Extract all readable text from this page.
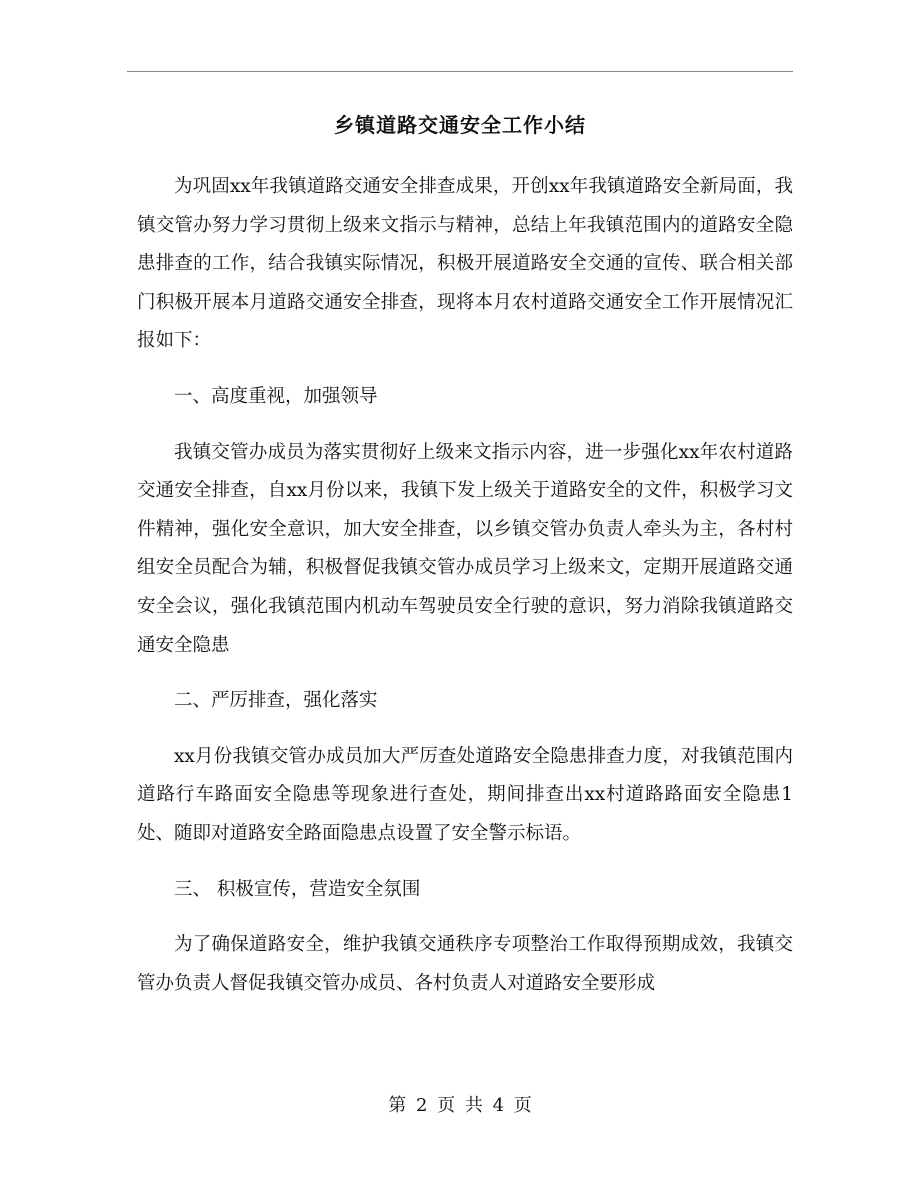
乡镇道路交通安全工作小结

为巩固xx年我镇道路交通安全排查成果，开创xx年我镇道路安全新局面，我镇交管办努力学习贯彻上级来文指示与精神，总结上年我镇范围内的道路安全隐患排查的工作，结合我镇实际情况，积极开展道路安全交通的宣传、联合相关部门积极开展本月道路交通安全排查，现将本月农村道路交通安全工作开展情况汇报如下：

一、高度重视，加强领导

我镇交管办成员为落实贯彻好上级来文指示内容，进一步强化xx年农村道路交通安全排查，自xx月份以来，我镇下发上级关于道路安全的文件，积极学习文件精神，强化安全意识，加大安全排查，以乡镇交管办负责人牵头为主，各村村组安全员配合为辅，积极督促我镇交管办成员学习上级来文，定期开展道路交通安全会议，强化我镇范围内机动车驾驶员安全行驶的意识，努力消除我镇道路交通安全隐患

二、严厉排查，强化落实

xx月份我镇交管办成员加大严厉查处道路安全隐患排查力度，对我镇范围内道路行车路面安全隐患等现象进行查处，期间排查出xx村道路路面安全隐患1处、随即对道路安全路面隐患点设置了安全警示标语。

三、 积极宣传，营造安全氛围

为了确保道路安全，维护我镇交通秩序专项整治工作取得预期成效，我镇交管办负责人督促我镇交管办成员、各村负责人对道路安全要形成

第 2 页 共 4 页
